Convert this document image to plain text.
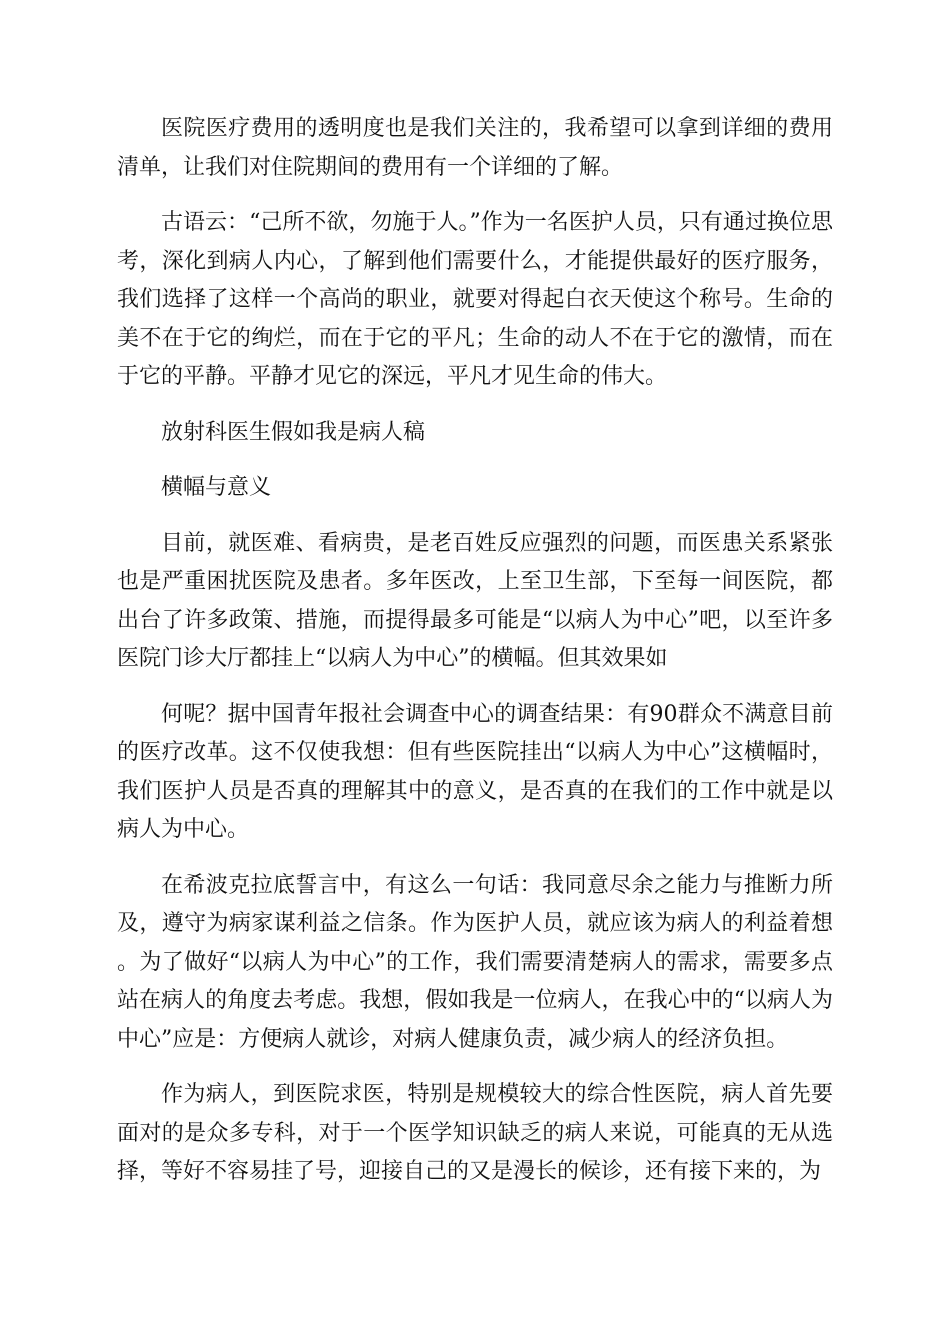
医院医疗费用的透明度也是我们关注的，我希望可以拿到详细的费用清单，让我们对住院期间的费用有一个详细的了解。

古语云：“己所不欲，勿施于人。”作为一名医护人员，只有通过换位思考，深化到病人内心，了解到他们需要什么，才能提供最好的医疗服务，我们选择了这样一个高尚的职业，就要对得起白衣天使这个称号。生命的美不在于它的绚烂，而在于它的平凡；生命的动人不在于它的激情，而在于它的平静。平静才见它的深远，平凡才见生命的伟大。

放射科医生假如我是病人稿

横幅与意义

目前，就医难、看病贵，是老百姓反应强烈的问题，而医患关系紧张也是严重困扰医院及患者。多年医改，上至卫生部，下至每一间医院，都出台了许多政策、措施，而提得最多可能是“以病人为中心”吧，以至许多医院门诊大厅都挂上“以病人为中心”的横幅。但其效果如

何呢？据中国青年报社会调查中心的调查结果：有90群众不满意目前的医疗改革。这不仅使我想：但有些医院挂出“以病人为中心”这横幅时，我们医护人员是否真的理解其中的意义，是否真的在我们的工作中就是以病人为中心。

在希波克拉底誓言中，有这么一句话：我同意尽余之能力与推断力所及，遵守为病家谋利益之信条。作为医护人员，就应该为病人的利益着想。为了做好“以病人为中心”的工作，我们需要清楚病人的需求，需要多点站在病人的角度去考虑。我想，假如我是一位病人，在我心中的“以病人为中心”应是：方便病人就诊，对病人健康负责，减少病人的经济负担。

作为病人，到医院求医，特别是规模较大的综合性医院，病人首先要面对的是众多专科，对于一个医学知识缺乏的病人来说，可能真的无从选择，等好不容易挂了号，迎接自己的又是漫长的候诊，还有接下来的，为
